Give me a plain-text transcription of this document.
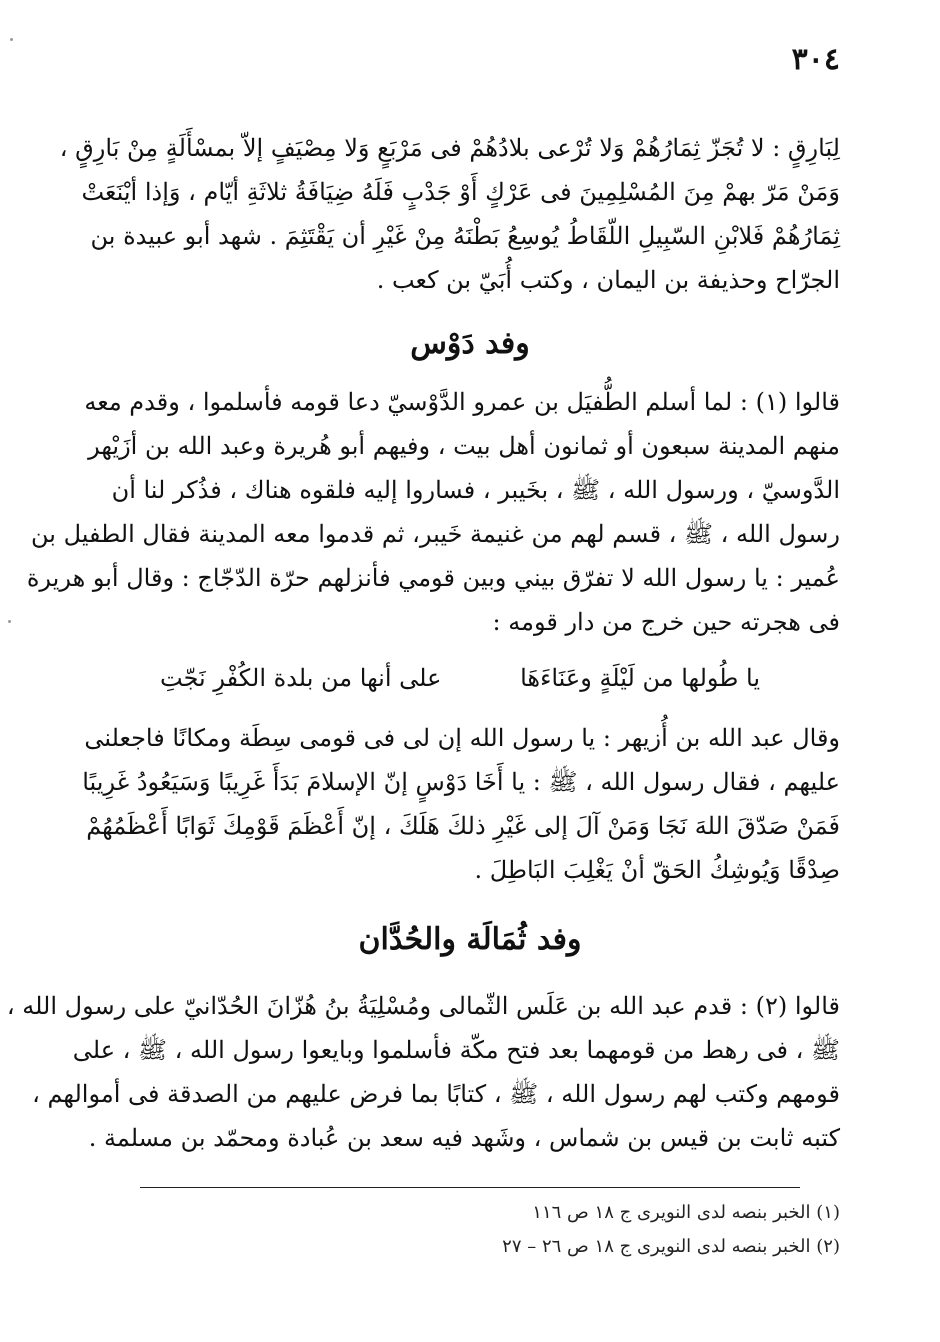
٣٠٤
لِبَارِقٍ : لا تُجَزّ ثِمَارُهُمْ وَلا تُرْعى بلادُهُمْ فى مَرْبَعٍ وَلا مِصْيَفٍ إلاّ بمسْأَلَةٍ مِنْ بَارِقٍ ،
وَمَنْ مَرّ بهمْ مِنَ المُسْلِمِينَ فى عَرْكٍ أَوْ جَدْبٍ فَلَهُ ضِيَافَةُ ثلاثَةِ أيّام ، وَإذا أيْنَعَتْ
ثِمَارُهُمْ فَلابْنِ السّبِيلِ اللّقَاطُ يُوسِعُ بَطْنَهُ مِنْ غَيْرِ أن يَقْتَثِمَ . شهد أبو عبيدة بن
الجرّاح وحذيفة بن اليمان ، وكتب أُبَيّ بن كعب .
وفد دَوْس
قالوا (١) : لما أسلم الطُّفيَل بن عمرو الدَّوْسيّ دعا قومه فأسلموا ، وقدم معه
منهم المدينة سبعون أو ثمانون أهل بيت ، وفيهم أبو هُريرة وعبد الله بن أزَيْهر
الدَّوسيّ ، ورسول الله ، ﷺ ، بخَيبر ، فساروا إليه فلقوه هناك ، فذُكر لنا أن
رسول الله ، ﷺ ، قسم لهم من غنيمة خَيبر، ثم قدموا معه المدينة فقال الطفيل بن
عُمير : يا رسول الله لا تفرّق بيني وبين قومي فأنزلهم حرّة الدّجّاج : وقال أبو هريرة
فى هجرته حين خرج من دار قومه :
يا طُولها من لَيْلَةٍ وعَنَاءَهَا
على أنها من بلدة الكُفْرِ نَجّتِ
وقال عبد الله بن أُزيهر : يا رسول الله إن لى فى قومى سِطَة ومكانًا فاجعلنى
عليهم ، فقال رسول الله ، ﷺ : يا أَخَا دَوْسٍ إنّ الإسلامَ بَدَأَ غَرِيبًا وَسَيَعُودُ غَرِيبًا
فَمَنْ صَدّقَ اللهَ نَجَا وَمَنْ آلَ إلى غَيْرِ ذلكَ هَلَكَ ، إنّ أَعْظَمَ قَوْمِكَ ثَوَابًا أَعْظَمُهُمْ
صِدْقًا وَيُوشِكُ الحَقّ أنْ يَغْلِبَ البَاطِلَ .
وفد ثُمَالَة والحُدَّان
قالوا (٢) : قدم عبد الله بن عَلَس الثّمالى ومُسْلِيَةُ بنُ هُزّانَ الحُدّانيّ على رسول الله ،
ﷺ ، فى رهط من قومهما بعد فتح مكّة فأسلموا وبايعوا رسول الله ، ﷺ ، على
قومهم وكتب لهم رسول الله ، ﷺ ، كتابًا بما فرض عليهم من الصدقة فى أموالهم ،
كتبه ثابت بن قيس بن شماس ، وشَهد فيه سعد بن عُبادة ومحمّد بن مسلمة .
(١) الخبر بنصه لدى النويرى ج ١٨ ص ١١٦
(٢) الخبر بنصه لدى النويرى ج ١٨ ص ٢٦ – ٢٧
